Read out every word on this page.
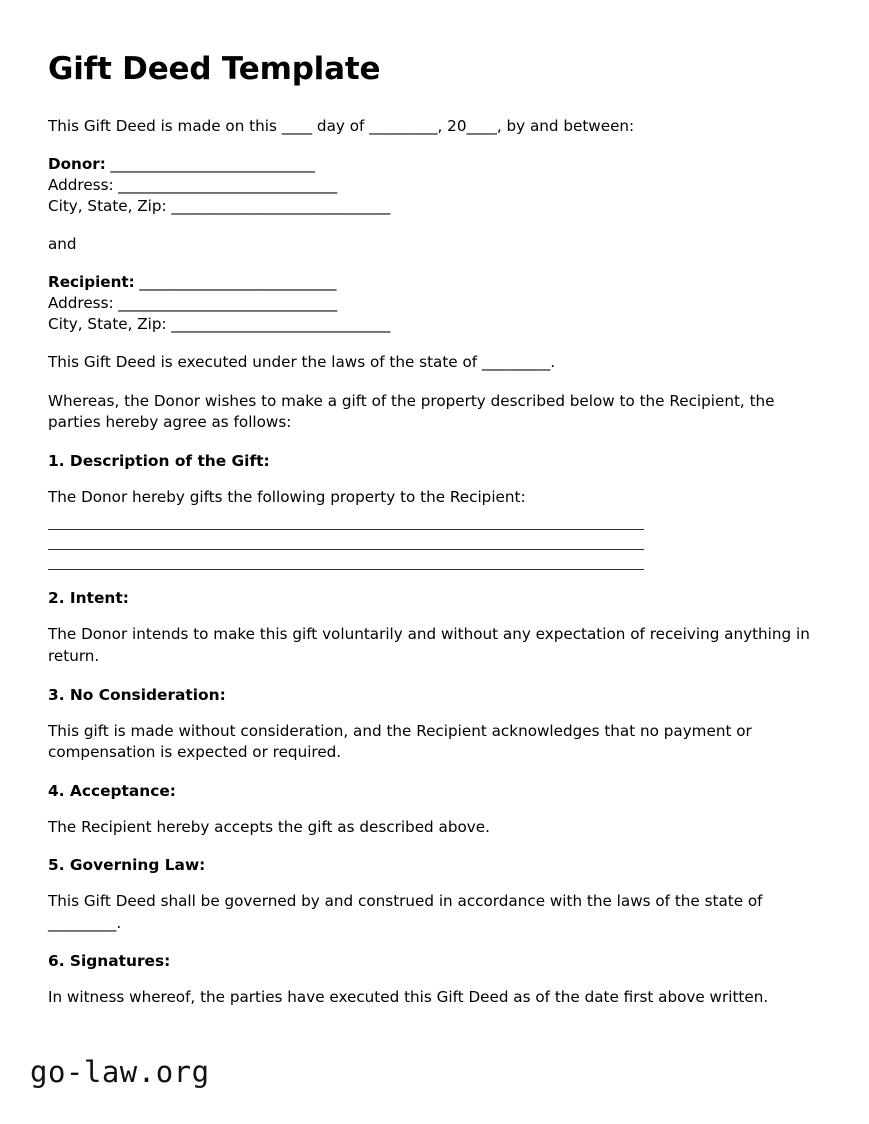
Gift Deed Template

This Gift Deed is made on this ____ day of _________, 20____, by and between:

Donor: ____________________________
Address: ______________________________
City, State, Zip: ______________________________
and
Recipient: ___________________________
Address: ______________________________
City, State, Zip: ______________________________

This Gift Deed is executed under the laws of the state of _________.

Whereas, the Donor wishes to make a gift of the property described below to the Recipient, the parties hereby agree as follows:

1. Description of the Gift:

The Donor hereby gifts the following property to the Recipient:

2. Intent:

The Donor intends to make this gift voluntarily and without any expectation of receiving anything in return.

3. No Consideration:

This gift is made without consideration, and the Recipient acknowledges that no payment or compensation is expected or required.

4. Acceptance:

The Recipient hereby accepts the gift as described above.

5. Governing Law:

This Gift Deed shall be governed by and construed in accordance with the laws of the state of _________.

6. Signatures:

In witness whereof, the parties have executed this Gift Deed as of the date first above written.

go-law.org
